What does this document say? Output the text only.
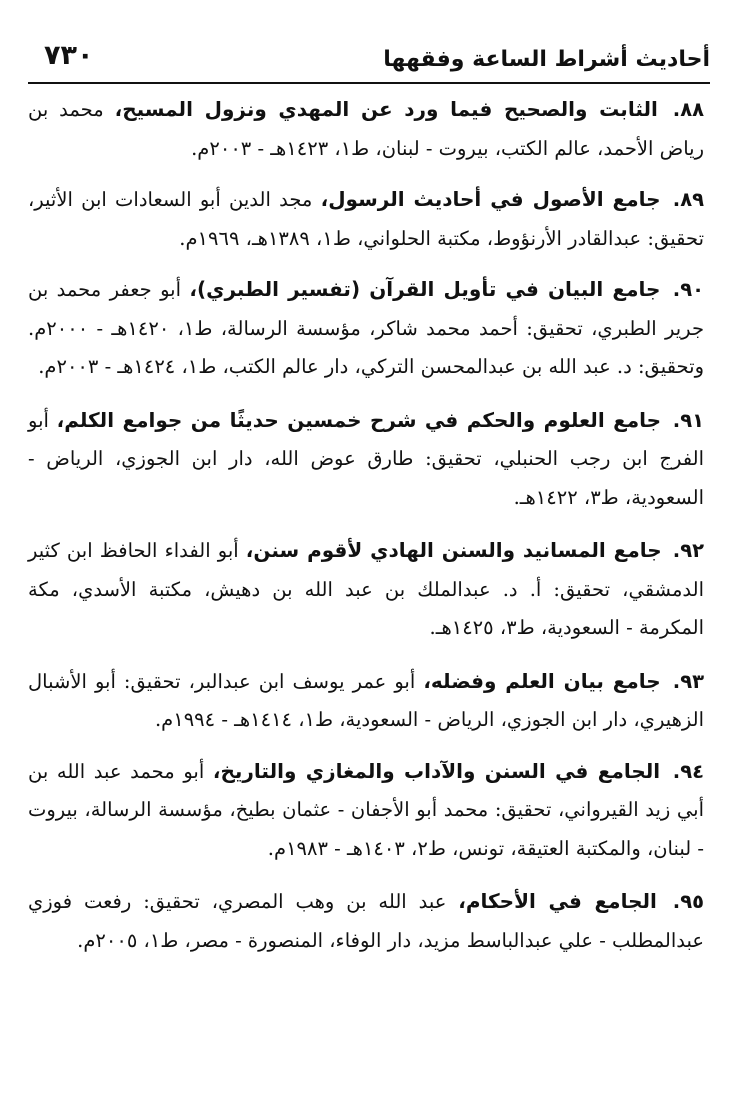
أحاديث أشراط الساعة وفقهها
٧٣٠

٨٨. الثابت والصحيح فيما ورد عن المهدي ونزول المسيح، محمد بن رياض الأحمد، عالم الكتب، بيروت - لبنان، ط١، ١٤٢٣هـ - ٢٠٠٣م.

٨٩. جامع الأصول في أحاديث الرسول، مجد الدين أبو السعادات ابن الأثير، تحقيق: عبدالقادر الأرنؤوط، مكتبة الحلواني، ط١، ١٣٨٩هـ، ١٩٦٩م.

٩٠. جامع البيان في تأويل القرآن (تفسير الطبري)، أبو جعفر محمد بن جرير الطبري، تحقيق: أحمد محمد شاكر، مؤسسة الرسالة، ط١، ١٤٢٠هـ - ٢٠٠٠م. وتحقيق: د. عبد الله بن عبدالمحسن التركي، دار عالم الكتب، ط١، ١٤٢٤هـ - ٢٠٠٣م.

٩١. جامع العلوم والحكم في شرح خمسين حديثًا من جوامع الكلم، أبو الفرج ابن رجب الحنبلي، تحقيق: طارق عوض الله، دار ابن الجوزي، الرياض - السعودية، ط٣، ١٤٢٢هـ.

٩٢. جامع المسانيد والسنن الهادي لأقوم سنن، أبو الفداء الحافظ ابن كثير الدمشقي، تحقيق: أ. د. عبدالملك بن عبد الله بن دهيش، مكتبة الأسدي، مكة المكرمة - السعودية، ط٣، ١٤٢٥هـ.

٩٣. جامع بيان العلم وفضله، أبو عمر يوسف ابن عبدالبر، تحقيق: أبو الأشبال الزهيري، دار ابن الجوزي، الرياض - السعودية، ط١، ١٤١٤هـ - ١٩٩٤م.

٩٤. الجامع في السنن والآداب والمغازي والتاريخ، أبو محمد عبد الله بن أبي زيد القيرواني، تحقيق: محمد أبو الأجفان - عثمان بطيخ، مؤسسة الرسالة، بيروت - لبنان، والمكتبة العتيقة، تونس، ط٢، ١٤٠٣هـ - ١٩٨٣م.

٩٥. الجامع في الأحكام، عبد الله بن وهب المصري، تحقيق: رفعت فوزي عبدالمطلب - علي عبدالباسط مزيد، دار الوفاء، المنصورة - مصر، ط١، ٢٠٠٥م.
